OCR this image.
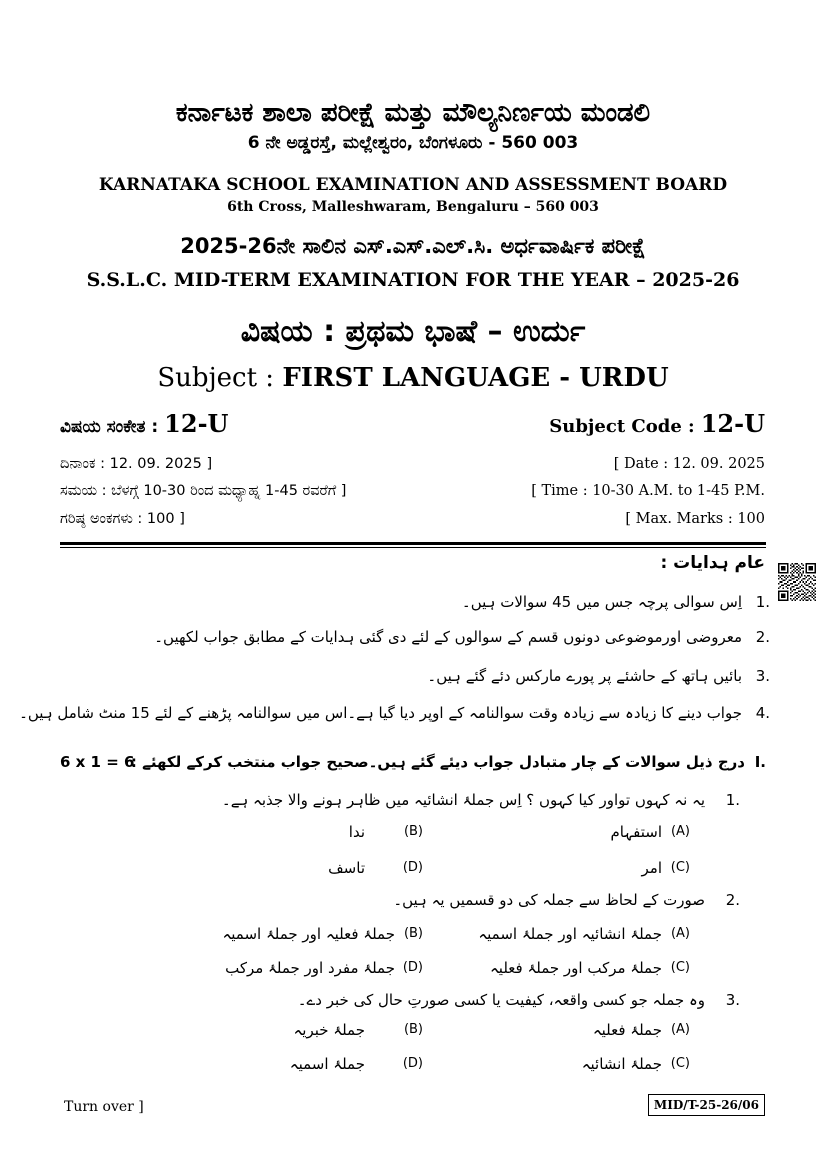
ಕರ್ನಾಟಕ ಶಾಲಾ ಪರೀಕ್ಷೆ ಮತ್ತು ಮೌಲ್ಯನಿರ್ಣಯ ಮಂಡಲಿ
6 ನೇ ಅಡ್ಡರಸ್ತೆ, ಮಲ್ಲೇಶ್ವರಂ, ಬೆಂಗಳೂರು - 560 003
KARNATAKA SCHOOL EXAMINATION AND ASSESSMENT BOARD
6th Cross, Malleshwaram, Bengaluru – 560 003
2025-26ನೇ ಸಾಲಿನ ಎಸ್.ಎಸ್.ಎಲ್.ಸಿ. ಅರ್ಧವಾರ್ಷಿಕ ಪರೀಕ್ಷೆ
S.S.L.C. MID-TERM EXAMINATION FOR THE YEAR – 2025-26
ವಿಷಯ : ಪ್ರಥಮ ಭಾಷೆ – ಉರ್ದು
Subject : FIRST LANGUAGE - URDU
ವಿಷಯ ಸಂಕೇತ : 12-U	Subject Code : 12-U
ದಿನಾಂಕ : 12. 09. 2025 ]	[ Date : 12. 09. 2025
ಸಮಯ : ಬೆಳಗ್ಗೆ 10-30 ರಿಂದ ಮಧ್ಯಾಹ್ನ 1-45 ರವರೆಗೆ ]	[ Time : 10-30 A.M. to 1-45 P.M.
ಗರಿಷ್ಠ ಅಂಕಗಳು : 100 ]	[ Max. Marks : 100
عام ہدایات :
1.
اِس سوالی پرچہ جس میں 45 سوالات ہیں۔
2.
معروضی اورموضوعی دونوں قسم کے سوالوں کے لئے دی گئی ہدایات کے مطابق جواب لکھیں۔
3.
بائیں ہاتھ کے حاشئے پر پورے مارکس دئے گئے ہیں۔
4.
جواب دینے کا زیادہ سے زیادہ وقت سوالنامہ کے اوپر دیا گیا ہے۔اس میں سوالنامہ پڑھنے کے لئے 15 منٹ شامل ہیں۔
6 x 1 = 6	I.
درج ذیل سوالات کے چار متبادل جواب دیئے گئے ہیں۔صحیح جواب منتخب کرکے لکھئے :
1.
یہ نہ کہوں تواور کیا کہوں ؟ اِس جملۂ انشائیہ میں ظاہر ہونے والا جذبہ ہے۔
(A)
استفہام
(B)
ندا
(C)
امر
(D)
تاسف
2.
صورت کے لحاظ سے جملہ کی دو قسمیں یہ ہیں۔
(A)
جملۂ انشائیہ اور جملۂ اسمیہ
(B)
جملۂ فعلیہ اور جملۂ اسمیہ
(C)
جملۂ مرکب اور جملۂ فعلیہ
(D)
جملۂ مفرد اور جملۂ مرکب
3.
وہ جملہ جو کسی واقعہ، کیفیت یا کسی صورتِ حال کی خبر دے۔
(A)
جملۂ فعلیہ
(B)
جملۂ خبریہ
(C)
جملۂ انشائیہ
(D)
جملۂ اسمیہ
Turn over ]	MID/T-25-26/06
